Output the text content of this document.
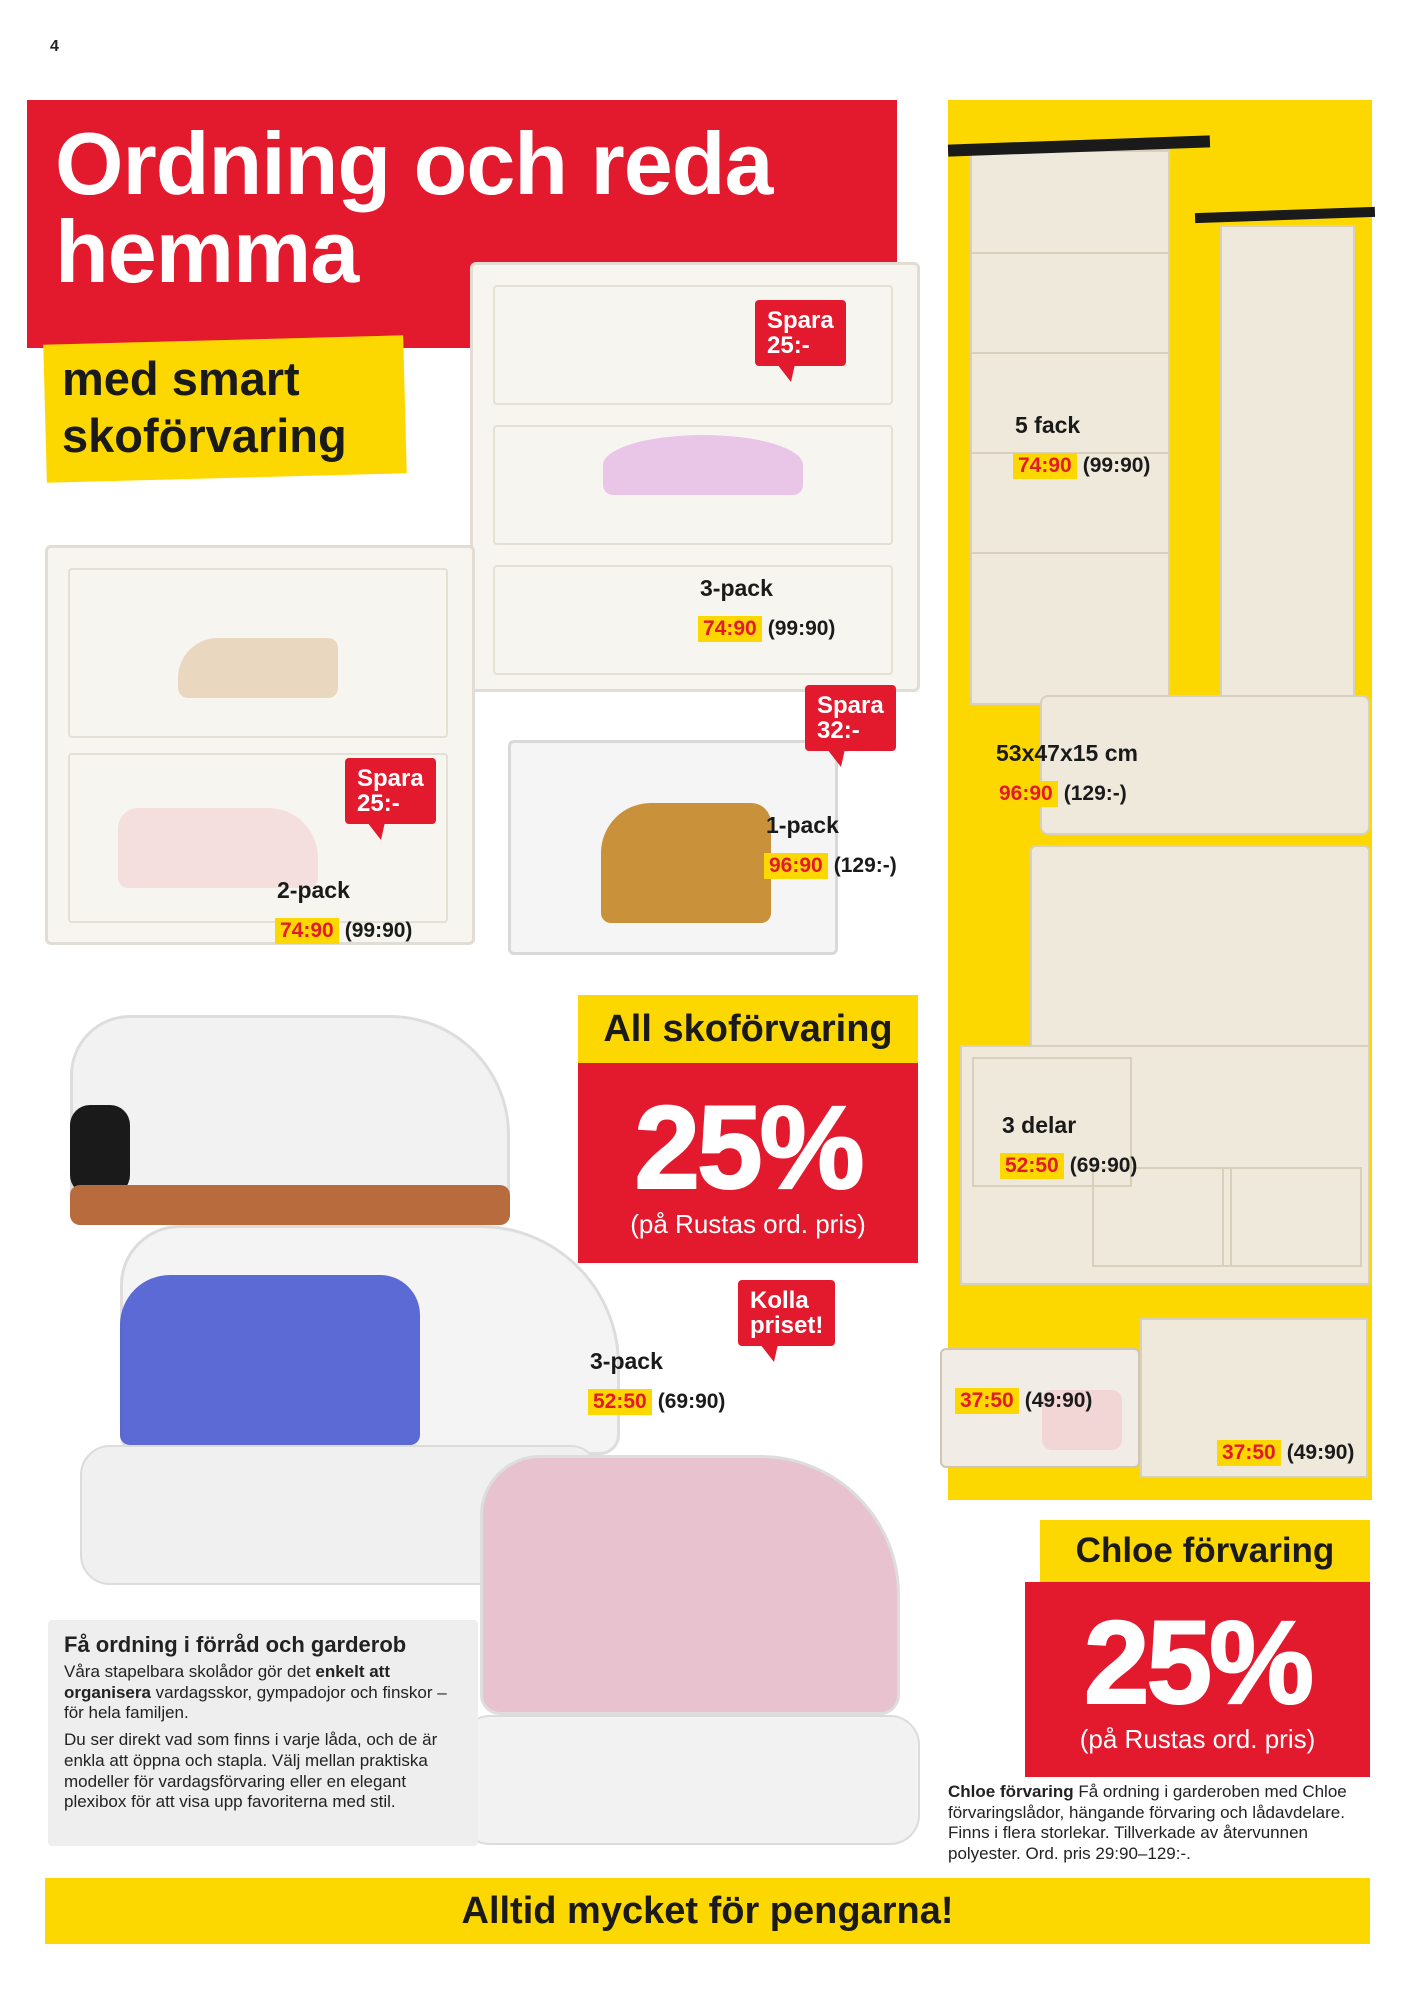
4
Ordning och reda
hemma
med smart
skoförvaring
3-pack
74:90 (99:90)
2-pack
74:90 (99:90)
1-pack
96:90 (129:-)
3-pack
52:50 (69:90)
5 fack
74:90 (99:90)
53x47x15 cm
96:90 (129:-)
3 delar
52:50 (69:90)
37:50 (49:90)
37:50 (49:90)
Spara
25:-
Spara
25:-
Spara
32:-
Kolla
priset!
All skoförvaring
25%
(på Rustas ord. pris)
Chloe förvaring
25%
(på Rustas ord. pris)
Få ordning i förråd och garderob
Våra stapelbara skolådor gör det enkelt att organisera vardagsskor, gympadojor och finskor – för hela familjen.
Du ser direkt vad som finns i varje låda, och de är enkla att öppna och stapla. Välj mellan praktiska modeller för vardagsförvaring eller en elegant plexibox för att visa upp favoriterna med stil.
Chloe förvaring Få ordning i garderoben med Chloe förvaringslådor, hängande förvaring och lådavdelare. Finns i flera storlekar. Tillverkade av återvunnen polyester. Ord. pris 29:90–129:-.
Alltid mycket för pengarna!
